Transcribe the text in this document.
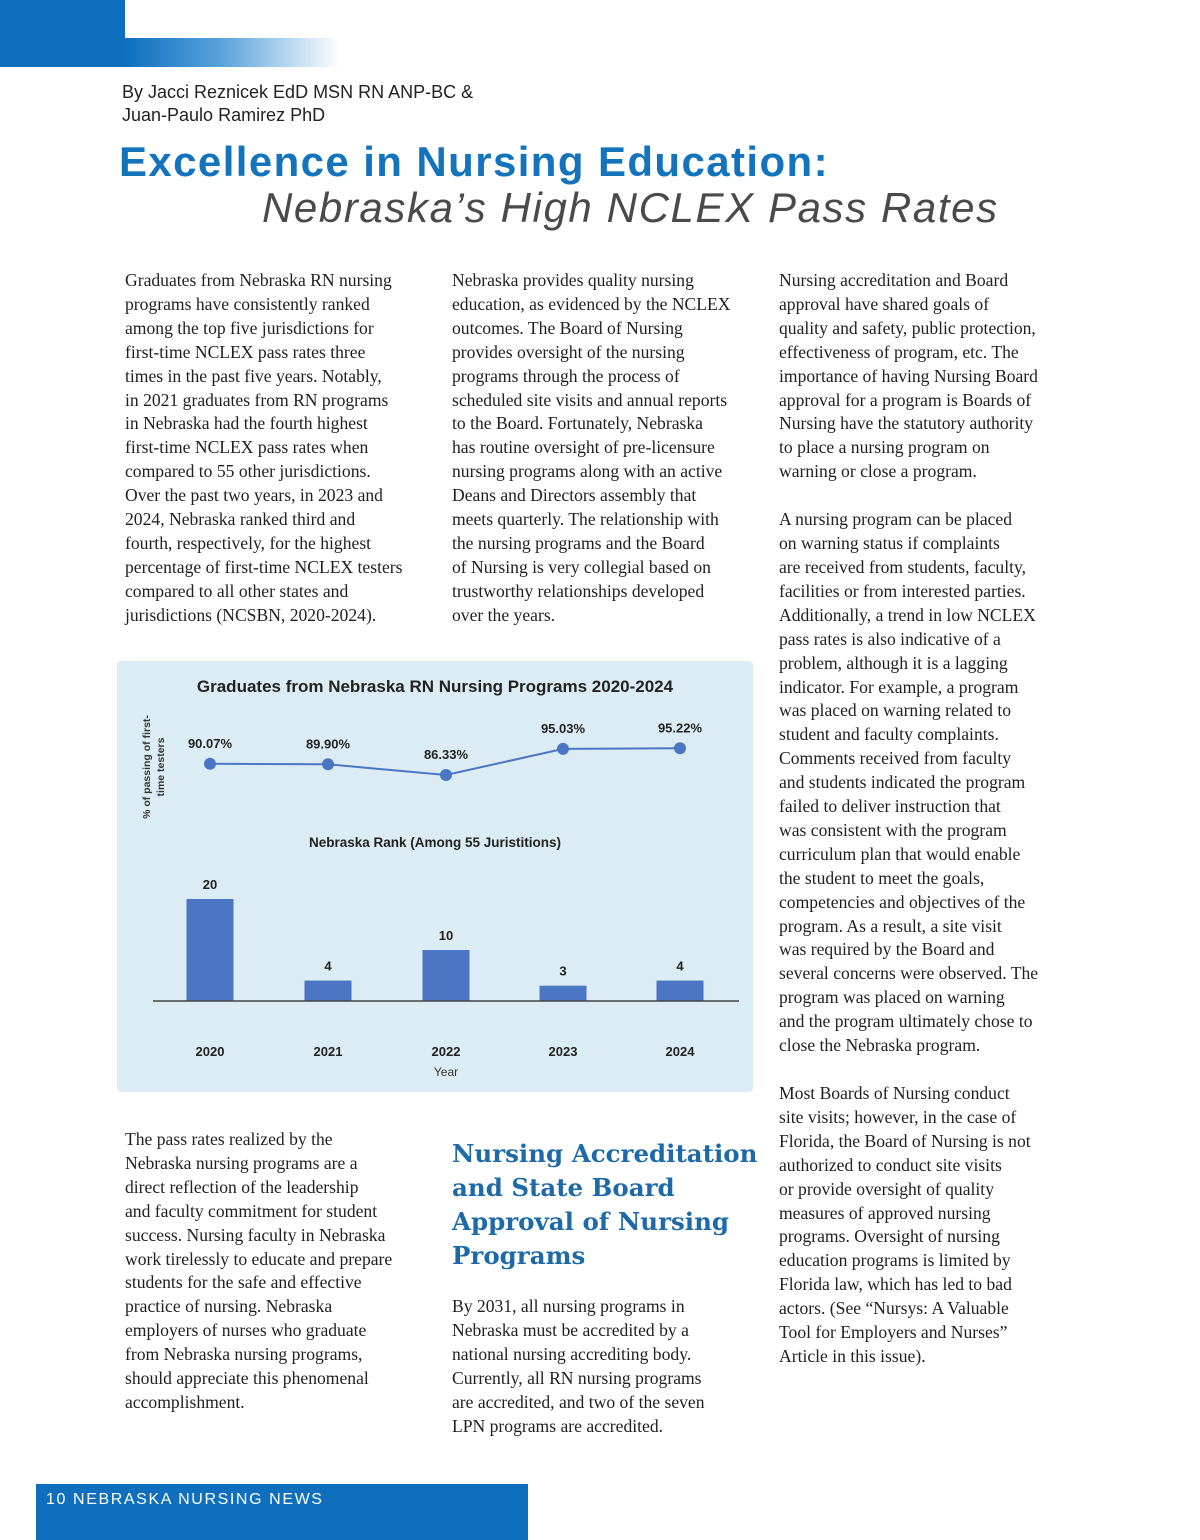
By Jacci Reznicek EdD MSN RN ANP-BC &
Juan-Paulo Ramirez PhD
Excellence in Nursing Education:
Nebraska’s High NCLEX Pass Rates
Graduates from Nebraska RN nursing
programs have consistently ranked
among the top five jurisdictions for
first-time NCLEX pass rates three
times in the past five years. Notably,
in 2021 graduates from RN programs
in Nebraska had the fourth highest
first-time NCLEX pass rates when
compared to 55 other jurisdictions.
Over the past two years, in 2023 and
2024, Nebraska ranked third and
fourth, respectively, for the highest
percentage of first-time NCLEX testers
compared to all other states and
jurisdictions (NCSBN, 2020-2024).
Nebraska provides quality nursing
education, as evidenced by the NCLEX
outcomes. The Board of Nursing
provides oversight of the nursing
programs through the process of
scheduled site visits and annual reports
to the Board. Fortunately, Nebraska
has routine oversight of pre-licensure
nursing programs along with an active
Deans and Directors assembly that
meets quarterly. The relationship with
the nursing programs and the Board
of Nursing is very collegial based on
trustworthy relationships developed
over the years.
Nursing accreditation and Board
approval have shared goals of
quality and safety, public protection,
effectiveness of program, etc. The
importance of having Nursing Board
approval for a program is Boards of
Nursing have the statutory authority
to place a nursing program on
warning or close a program.
A nursing program can be placed
on warning status if complaints
are received from students, faculty,
facilities or from interested parties.
Additionally, a trend in low NCLEX
pass rates is also indicative of a
problem, although it is a lagging
indicator. For example, a program
was placed on warning related to
student and faculty complaints.
Comments received from faculty
and students indicated the program
failed to deliver instruction that
was consistent with the program
curriculum plan that would enable
the student to meet the goals,
competencies and objectives of the
program. As a result, a site visit
was required by the Board and
several concerns were observed. The
program was placed on warning
and the program ultimately chose to
close the Nebraska program.
Most Boards of Nursing conduct
site visits; however, in the case of
Florida, the Board of Nursing is not
authorized to conduct site visits
or provide oversight of quality
measures of approved nursing
programs. Oversight of nursing
education programs is limited by
Florida law, which has led to bad
actors. (See “Nursys: A Valuable
Tool for Employers and Nurses”
Article in this issue).
Graduates from Nebraska RN Nursing Programs 2020-2024
% of passing of first- time testers 90.07%	89.90%
86.33%
95.03%	95.22%
Nebraska Rank (Among 55 Juristitions)
20
2020
4
2021
10
2022
3
2023
4
2024
Year
The pass rates realized by the
Nebraska nursing programs are a
direct reflection of the leadership
and faculty commitment for student
success. Nursing faculty in Nebraska
work tirelessly to educate and prepare
students for the safe and effective
practice of nursing. Nebraska
employers of nurses who graduate
from Nebraska nursing programs,
should appreciate this phenomenal
accomplishment.
Nursing Accreditation
and State Board
Approval of Nursing
Programs
By 2031, all nursing programs in
Nebraska must be accredited by a
national nursing accrediting body.
Currently, all RN nursing programs
are accredited, and two of the seven
LPN programs are accredited.
10 NEBRASKA NURSING NEWS
